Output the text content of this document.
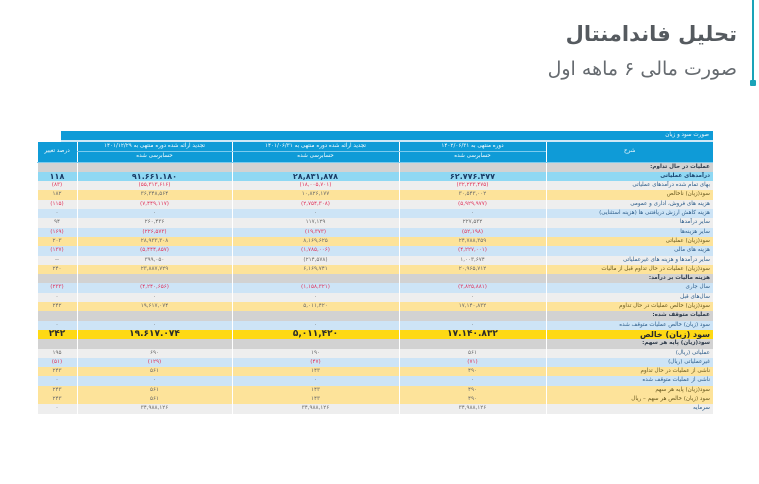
تحلیل فاندامنتال
صورت مالی ۶ ماهه اول
صورت سود و زیان
شرح	دوره منتهی به ۱۴۰۲/۰۶/۳۱	تجدید ارائه شده دوره منتهی به ۱۴۰۱/۰۶/۳۱	تجدید ارائه شده دوره منتهی به ۱۴۰۱/۱۲/۲۹	درصد تغییر
	حسابرسی شده	حسابرسی شده	حسابرسی شده	
عملیات در حال تداوم:				
درآمدهای عملیاتی	۶۲.۷۷۶.۴۷۷	۲۸,۸۳۱,۸۷۸	۹۱.۶۶۱.۱۸۰	۱۱۸
بهای تمام شده درآمدهای عملیاتی	(۳۲,۲۳۳,۴۷۵)	(۱۸,۰۰۵,۷۰۱)	(۵۵,۳۱۳,۶۱۶)	(۸۳)
سود(زیان) ناخالص	۳۰,۵۴۳,۰۰۲	۱۰,۸۲۶,۱۷۷	۳۶,۳۴۸,۵۶۴	۱۸۲
هزینه های فروش، اداری و عمومی	(۵,۹۲۹,۹۷۷)	(۲,۷۵۴,۳۰۸)	(۷,۴۴۹,۱۱۷)	(۱۱۵)
هزینه کاهش ارزش دریافتنی ها (هزینه استثنایی)	۰	۰	۰	۰
سایر درآمدها	۲۲۷,۵۳۲	۱۱۷,۱۲۹	۲۶۰,۴۳۶	۹۴
سایر هزینه‌ها	(۵۲,۱۹۸)	(۱۹,۳۷۳)	(۲۲۶,۵۷۳)	(۱۶۹)
سود(زیان) عملیاتی	۲۴,۷۸۸,۳۵۹	۸,۱۶۹,۶۲۵	۲۸,۹۳۳,۳۰۸	۲۰۳
هزینه های مالی	(۴,۲۲۷,۰۰۱)	(۱,۷۸۵,۰۰۶)	(۵,۴۴۴,۸۵۷)	(۱۳۷)
سایر درآمدها و هزینه های غیرعملیاتی	۱,۰۰۳,۶۷۴	(۲۱۴,۵۷۸)	۳۹۹,۰۵۰	--
سود(زیان) عملیات در حال تداوم قبل از مالیات	۲۰,۹۶۵,۷۱۲	۶,۱۶۹,۷۴۱	۲۳,۸۸۷,۷۲۹	۲۴۰
هزینه مالیات بر درآمد:				
سال جاری	(۳,۸۲۵,۸۸۱)	(۱,۱۵۸,۳۲۱)	(۴,۲۴۰,۶۵۶)	(۲۳۳)
سال‌های قبل	۰	۰	۰	۰
سود(زیان) خالص عملیات در حال تداوم	۱۷,۱۴۰,۸۳۲	۵,۰۱۱,۴۲۰	۱۹,۶۱۷,۰۷۴	۲۴۲
عملیات متوقف شده:				
سود (زیان) خالص عملیات متوقف شده	۰	۰	۰	۰
سود (زیان) خالص	۱۷.۱۴۰.۸۳۲	۵,۰۱۱,۴۲۰	۱۹.۶۱۷.۰۷۴	۲۴۲
سود(زیان) پایه هر سهم:				
عملیاتی (ریال)	۵۶۱	۱۹۰	۶۹۰	۱۹۵
غیرعملیاتی (ریال)	(۷۱)	(۴۷)	(۱۲۹)	(۵۱)
ناشی از عملیات در حال تداوم	۴۹۰	۱۴۳	۵۶۱	۲۴۳
ناشی از عملیات متوقف شده	۰	۰	۰	۰
سود(زیان) پایه هر سهم	۴۹۰	۱۴۳	۵۶۱	۲۴۳
سود (زیان) خالص هر سهم – ریال	۴۹۰	۱۴۳	۵۶۱	۲۴۳
سرمایه	۳۴,۹۸۸,۱۲۶	۳۴,۹۸۸,۱۲۶	۳۴,۹۸۸,۱۲۶	۰
